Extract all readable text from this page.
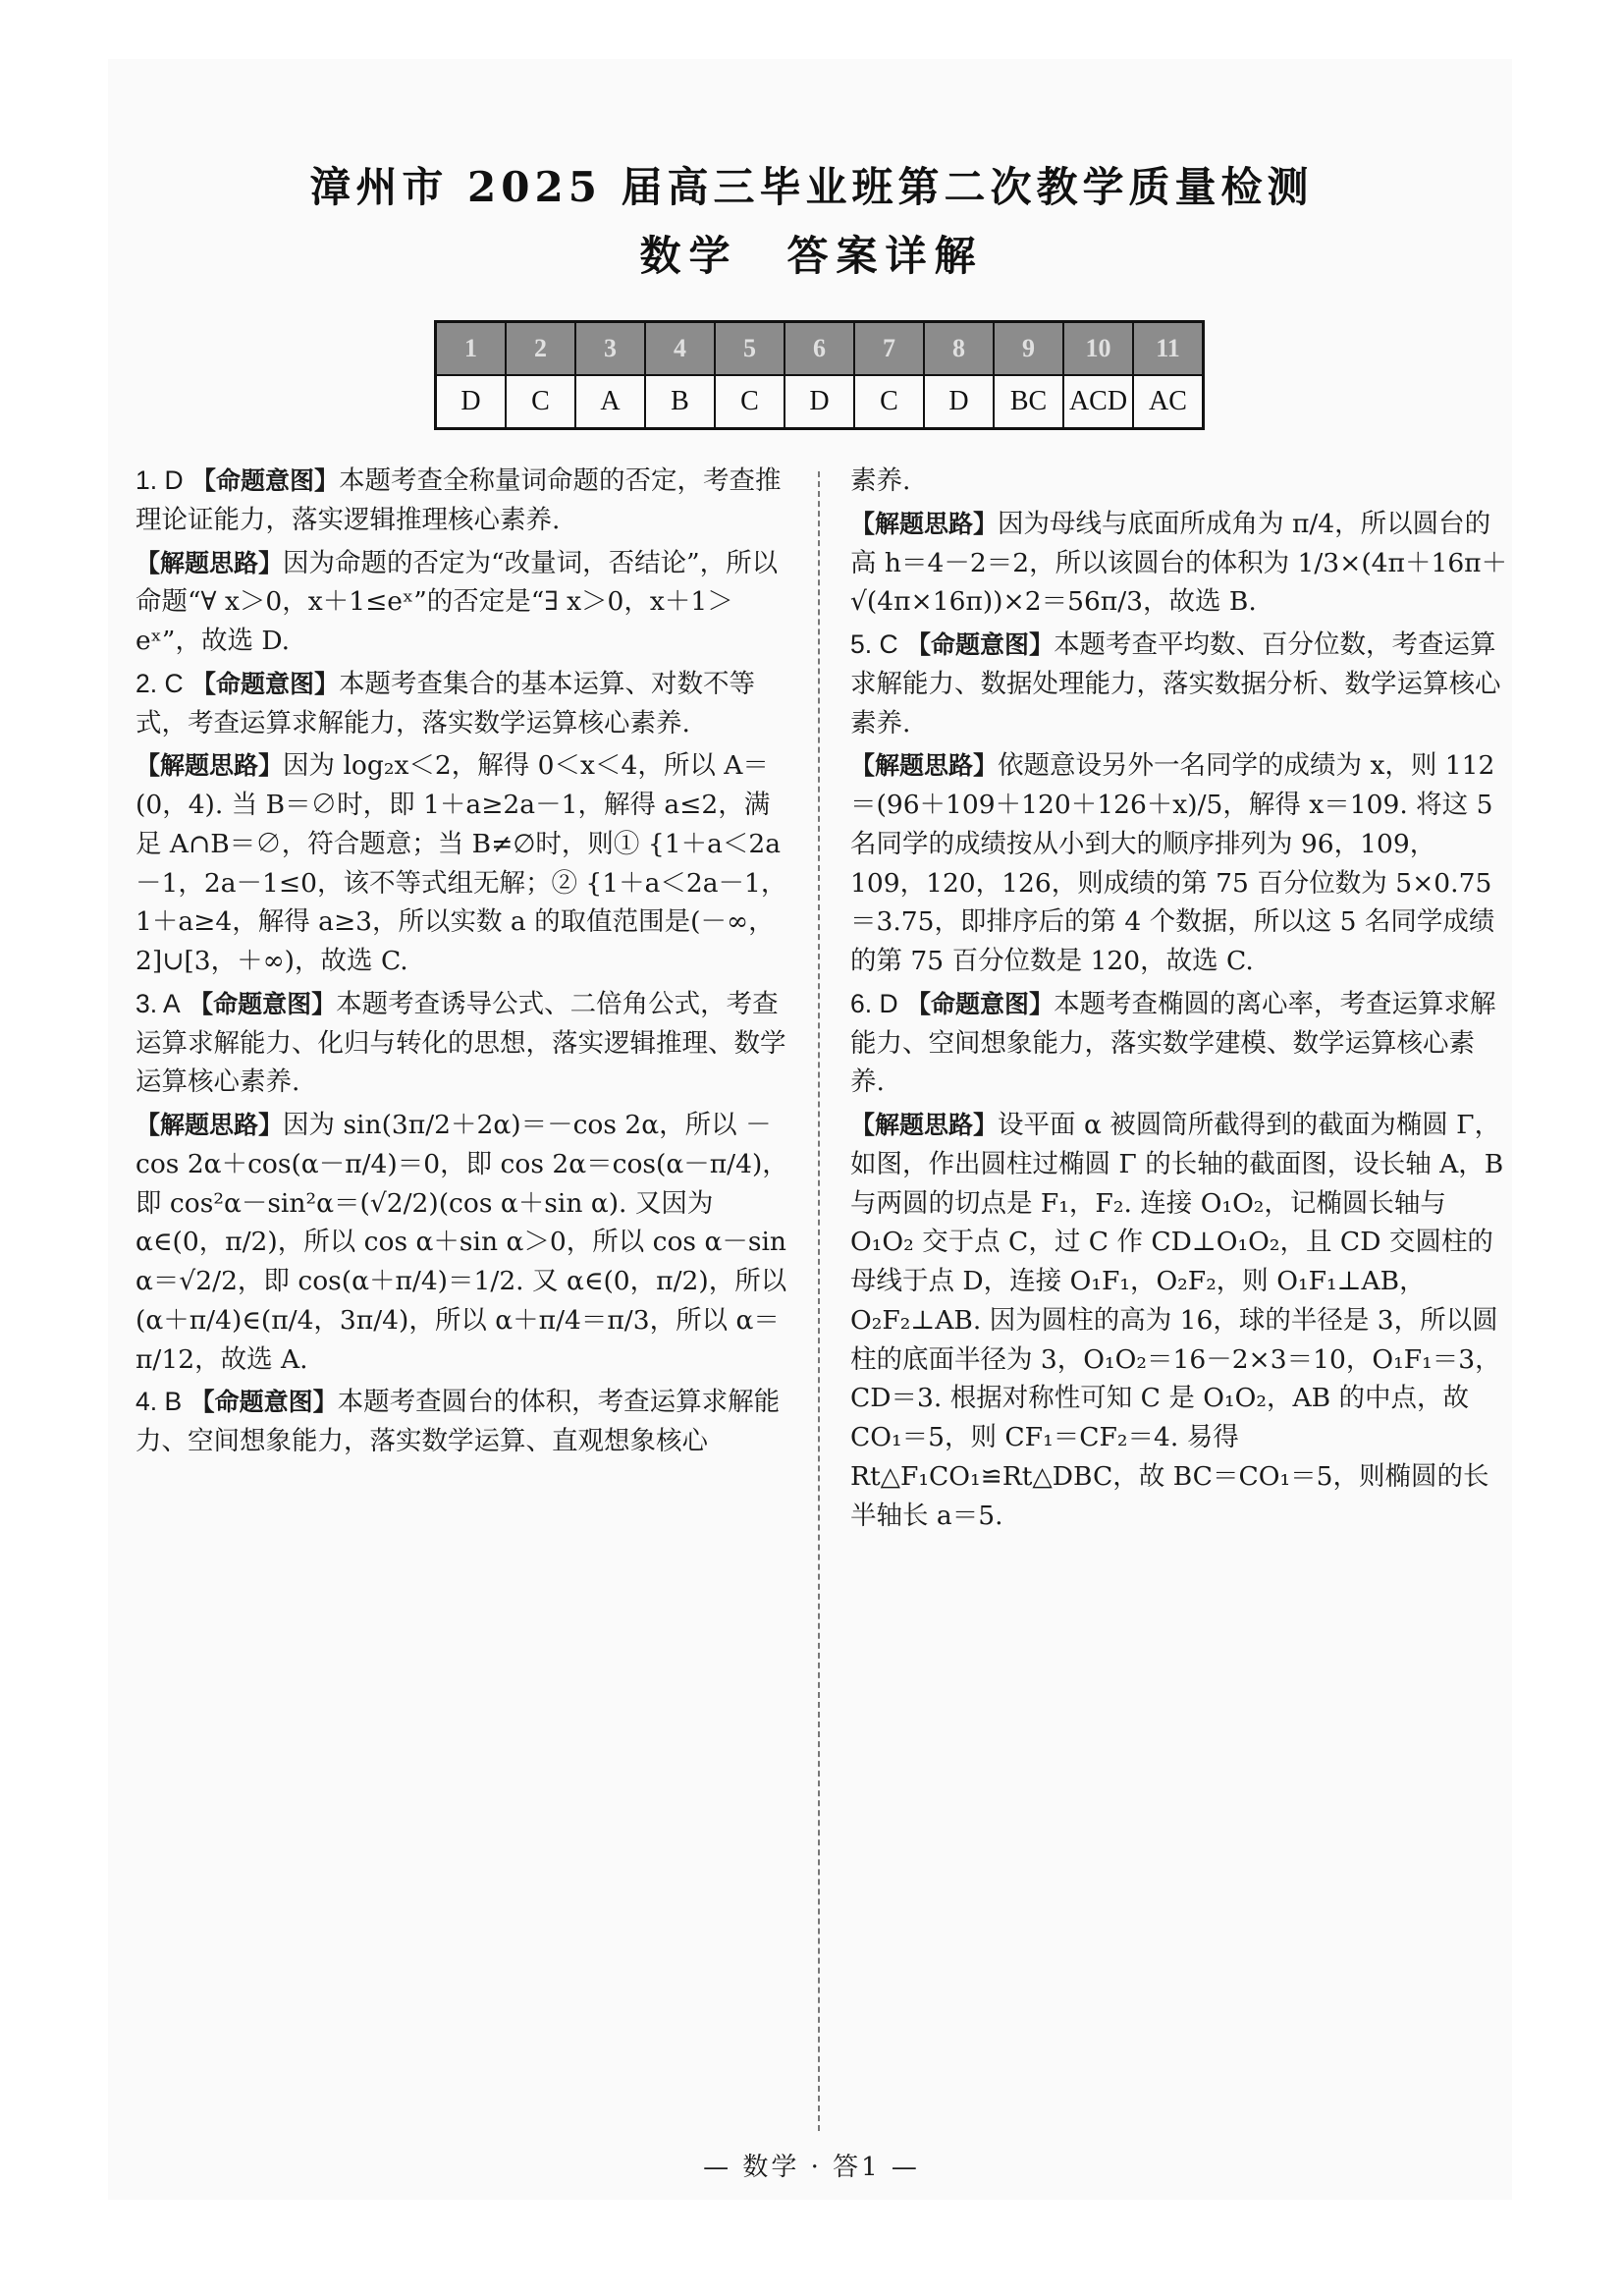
漳州市 2025 届高三毕业班第二次教学质量检测
数学　答案详解
1	2	3	4	5	6	7	8	9	10	11
D	C	A	B	C	D	C	D	BC	ACD	AC

1. D 【命题意图】本题考查全称量词命题的否定，考查推理论证能力，落实逻辑推理核心素养.

【解题思路】因为命题的否定为“改量词，否结论”，所以命题“∀ x＞0，x＋1≤eˣ”的否定是“∃ x＞0，x＋1＞eˣ”，故选 D.

2. C 【命题意图】本题考查集合的基本运算、对数不等式，考查运算求解能力，落实数学运算核心素养.

【解题思路】因为 log₂x＜2，解得 0＜x＜4，所以 A＝(0，4). 当 B＝∅时，即 1＋a≥2a－1，解得 a≤2，满足 A∩B＝∅，符合题意；当 B≠∅时，则① {1＋a＜2a－1，2a－1≤0，该不等式组无解；② {1＋a＜2a－1，1＋a≥4，解得 a≥3，所以实数 a 的取值范围是(－∞，2]∪[3，＋∞)，故选 C.

3. A 【命题意图】本题考查诱导公式、二倍角公式，考查运算求解能力、化归与转化的思想，落实逻辑推理、数学运算核心素养.

【解题思路】因为 sin(3π/2＋2α)＝－cos 2α，所以 －cos 2α＋cos(α－π/4)＝0，即 cos 2α＝cos(α－π/4)，即 cos²α－sin²α＝(√2/2)(cos α＋sin α). 又因为 α∈(0，π/2)，所以 cos α＋sin α＞0，所以 cos α－sin α＝√2/2，即 cos(α＋π/4)＝1/2. 又 α∈(0，π/2)，所以 (α＋π/4)∈(π/4，3π/4)，所以 α＋π/4＝π/3，所以 α＝π/12，故选 A.

4. B 【命题意图】本题考查圆台的体积，考查运算求解能力、空间想象能力，落实数学运算、直观想象核心

素养.

【解题思路】因为母线与底面所成角为 π/4，所以圆台的高 h＝4－2＝2，所以该圆台的体积为 1/3×(4π＋16π＋√(4π×16π))×2＝56π/3，故选 B.

5. C 【命题意图】本题考查平均数、百分位数，考查运算求解能力、数据处理能力，落实数据分析、数学运算核心素养.

【解题思路】依题意设另外一名同学的成绩为 x，则 112＝(96＋109＋120＋126＋x)/5，解得 x＝109. 将这 5 名同学的成绩按从小到大的顺序排列为 96，109，109，120，126，则成绩的第 75 百分位数为 5×0.75＝3.75，即排序后的第 4 个数据，所以这 5 名同学成绩的第 75 百分位数是 120，故选 C.

6. D 【命题意图】本题考查椭圆的离心率，考查运算求解能力、空间想象能力，落实数学建模、数学运算核心素养.

【解题思路】设平面 α 被圆筒所截得到的截面为椭圆 Γ，如图，作出圆柱过椭圆 Γ 的长轴的截面图，设长轴 A，B 与两圆的切点是 F₁，F₂. 连接 O₁O₂，记椭圆长轴与 O₁O₂ 交于点 C，过 C 作 CD⊥O₁O₂，且 CD 交圆柱的母线于点 D，连接 O₁F₁，O₂F₂，则 O₁F₁⊥AB，O₂F₂⊥AB. 因为圆柱的高为 16，球的半径是 3，所以圆柱的底面半径为 3，O₁O₂＝16－2×3＝10，O₁F₁＝3，CD＝3. 根据对称性可知 C 是 O₁O₂，AB 的中点，故 CO₁＝5，则 CF₁＝CF₂＝4. 易得 Rt△F₁CO₁≌Rt△DBC，故 BC＝CO₁＝5，则椭圆的长半轴长 a＝5.

— 数学 · 答1 —
